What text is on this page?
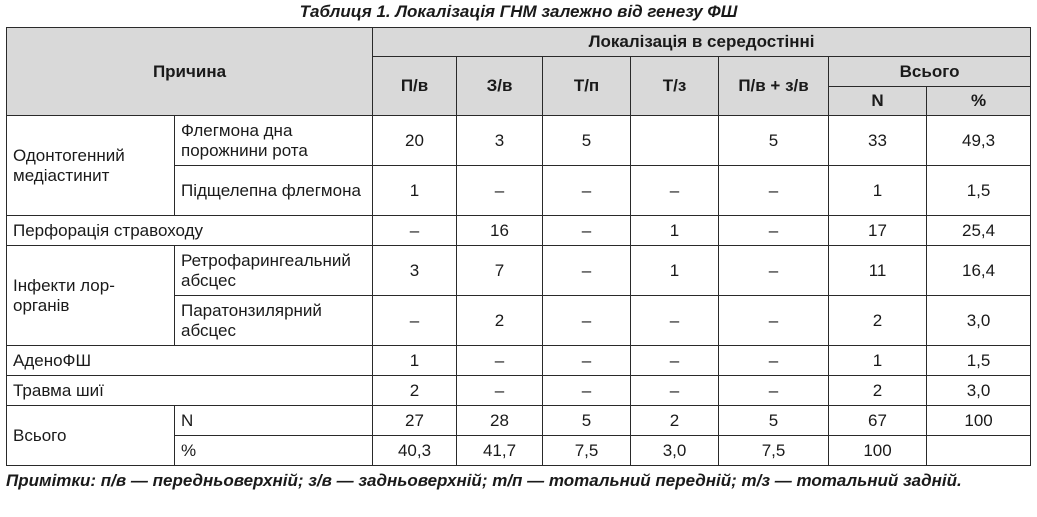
Таблиця 1. Локалізація ГНМ залежно від генезу ФШ
Причина		Локалізація в середостінні						
		П/в	З/в	Т/п	Т/з	П/в + з/в	Всього	
							N	%
Одонтогенний медіастинит	Флегмона дна порожнини рота	20	3	5		5	33	49,3
	Підщелепна флегмона	1	–	–	–	–	1	1,5
Перфорація стравоходу		–	16	–	1	–	17	25,4
Інфекти лор-органів	Ретрофарингеальний абсцес	3	7	–	1	–	11	16,4
	Паратонзилярний абсцес	–	2	–	–	–	2	3,0
АденоФШ		1	–	–	–	–	1	1,5
Травма шиї		2	–	–	–	–	2	3,0
Всього	N	27	28	5	2	5	67	100
	%	40,3	41,7	7,5	3,0	7,5	100	
Примітки: п/в — передньоверхній; з/в — задньоверхній; т/п — тотальний передній; т/з — тотальний задній.
